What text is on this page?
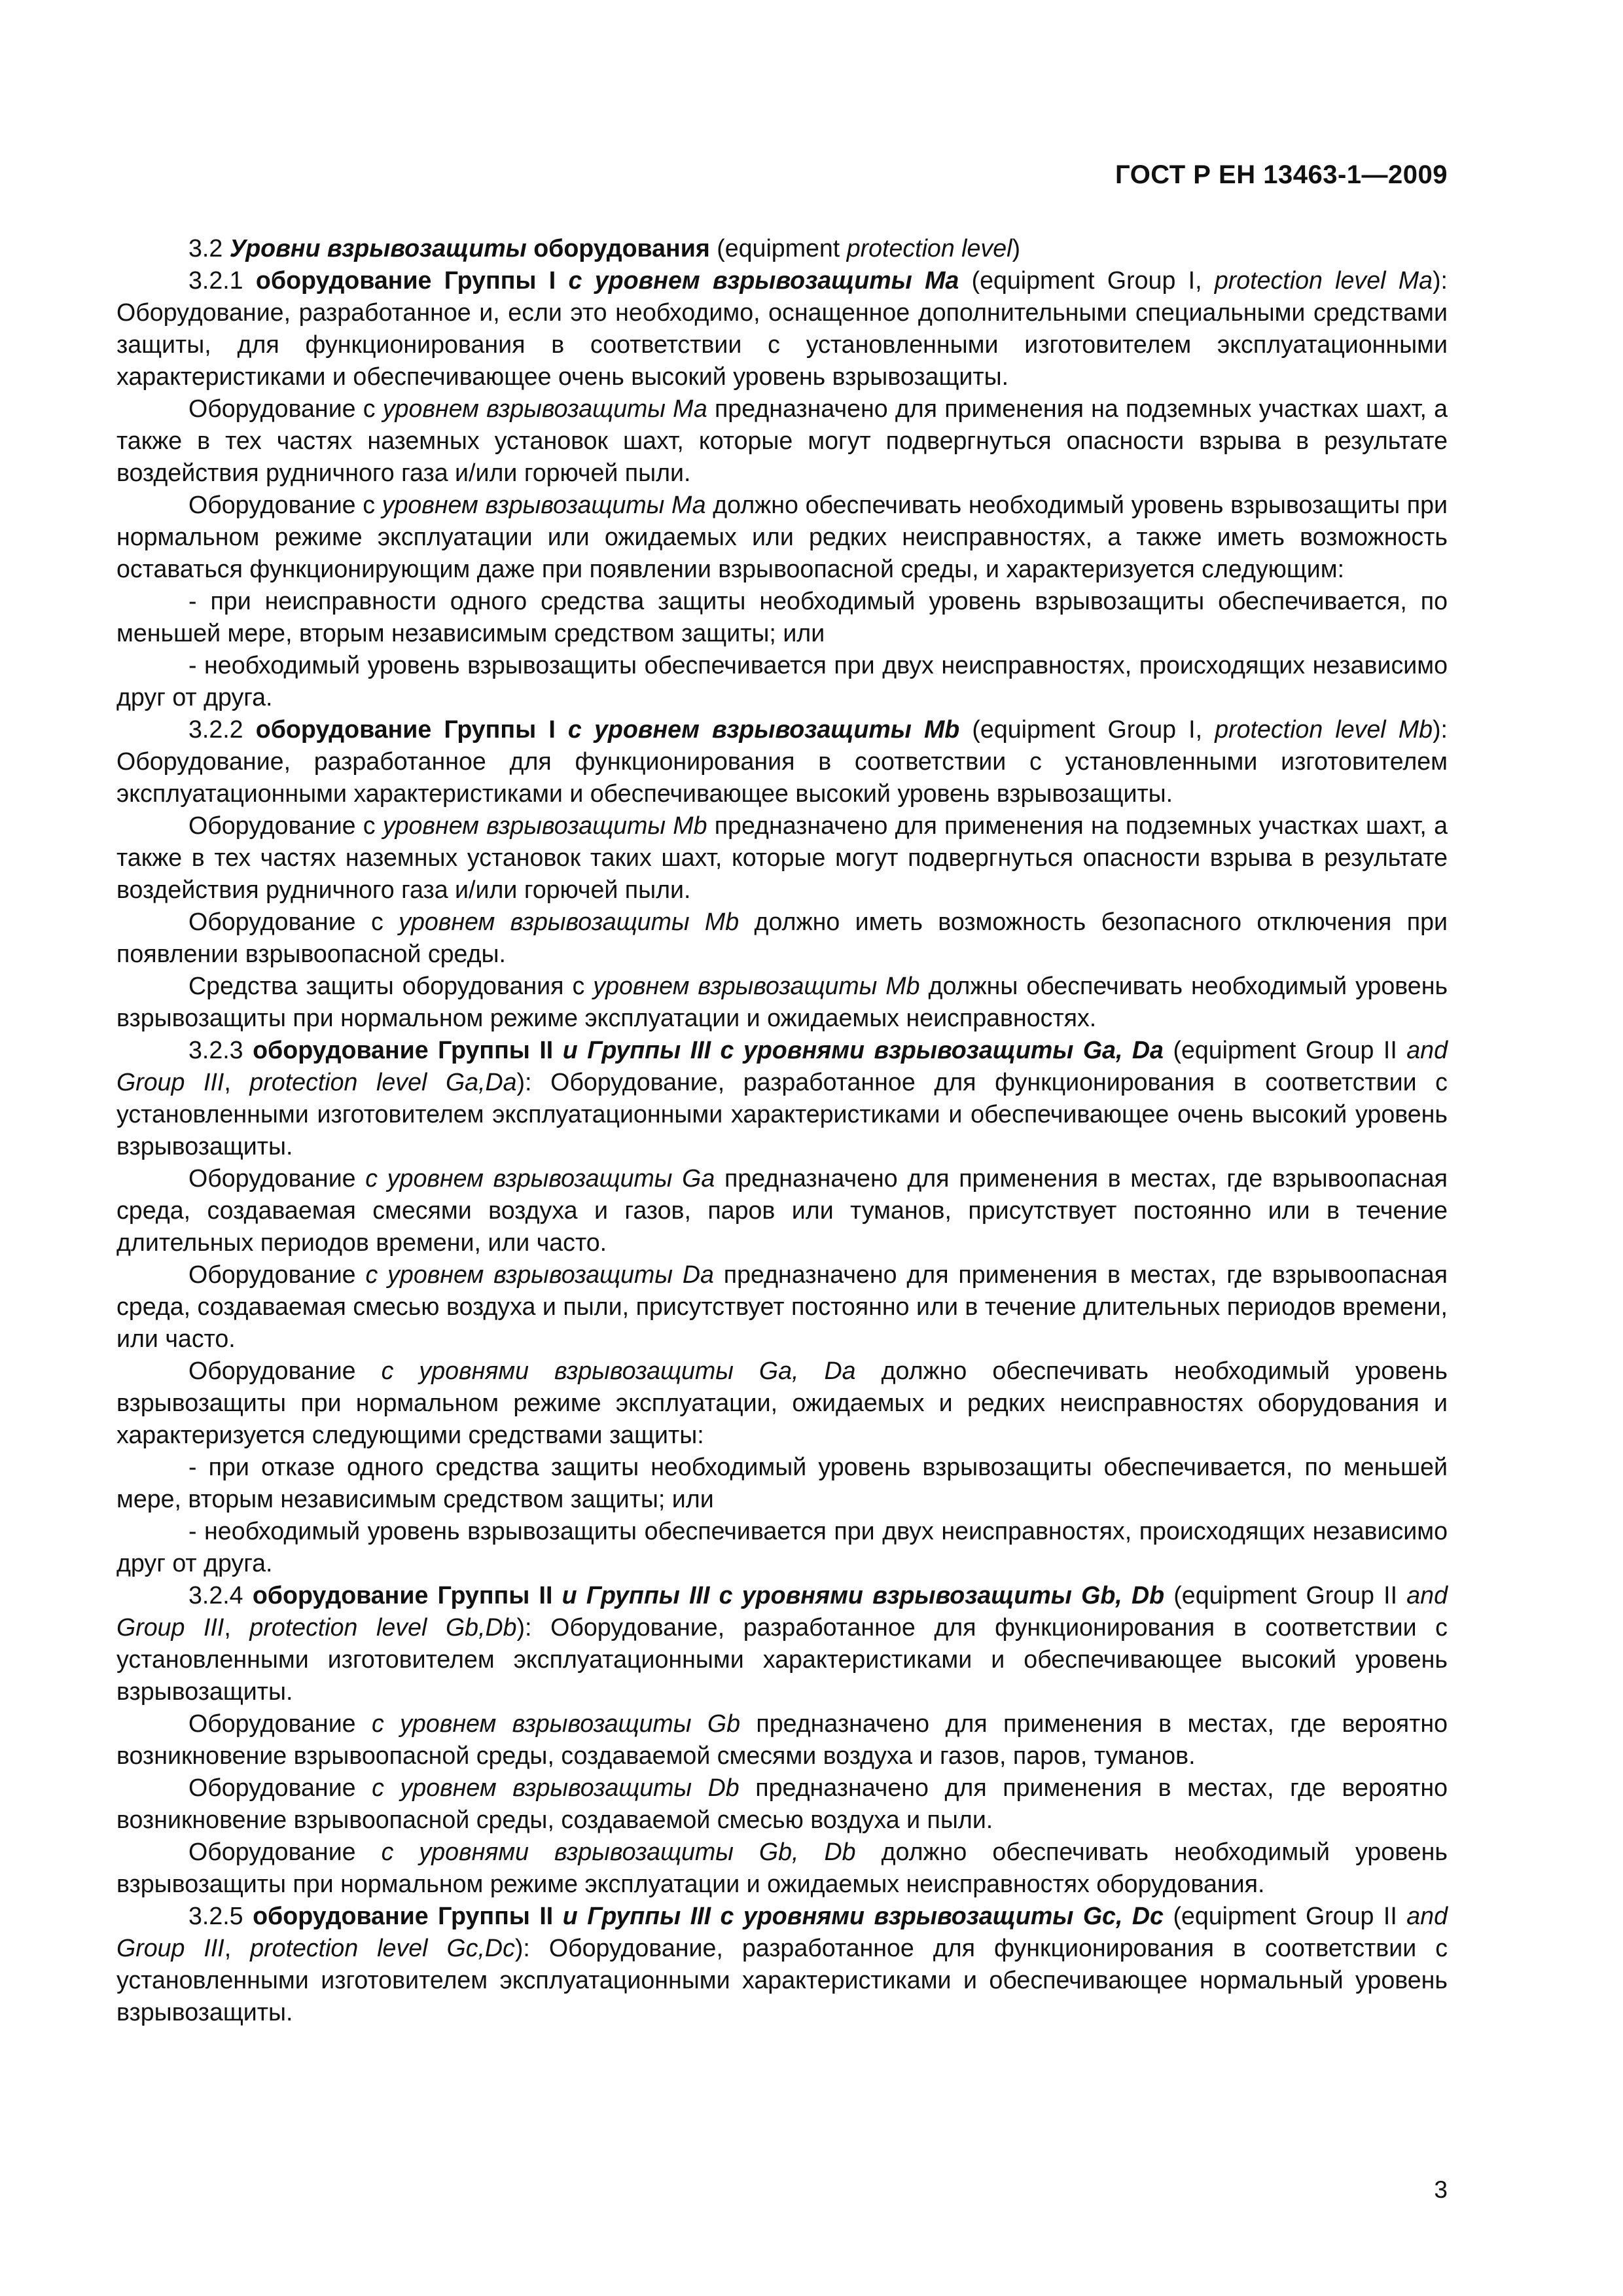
ГОСТ Р ЕН 13463-1—2009

3.2 Уровни взрывозащиты оборудования (equipment protection level)

3.2.1 оборудование Группы I с уровнем взрывозащиты Ma (equipment Group I, protection level Ma): Оборудование, разработанное и, если это необходимо, оснащенное дополнительными специальными средствами защиты, для функционирования в соответствии с установленными изготовителем эксплуатационными характеристиками и обеспечивающее очень высокий уровень взрывозащиты.

Оборудование с уровнем взрывозащиты Ма предназначено для применения на подземных участках шахт, а также в тех частях наземных установок шахт, которые могут подвергнуться опасности взрыва в результате воздействия рудничного газа и/или горючей пыли.

Оборудование с уровнем взрывозащиты Ма должно обеспечивать необходимый уровень взрывозащиты при нормальном режиме эксплуатации или ожидаемых или редких неисправностях, а также иметь возможность оставаться функционирующим даже при появлении взрывоопасной среды, и характеризуется следующим:

- при неисправности одного средства защиты необходимый уровень взрывозащиты обеспечивается, по меньшей мере, вторым независимым средством защиты; или

- необходимый уровень взрывозащиты обеспечивается при двух неисправностях, происходящих независимо друг от друга.

3.2.2 оборудование Группы I с уровнем взрывозащиты Mb (equipment Group I, protection level Mb): Оборудование, разработанное для функционирования в соответствии с установленными изготовителем эксплуатационными характеристиками и обеспечивающее высокий уровень взрывозащиты.

Оборудование с уровнем взрывозащиты Mb предназначено для применения на подземных участках шахт, а также в тех частях наземных установок таких шахт, которые могут подвергнуться опасности взрыва в результате воздействия рудничного газа и/или горючей пыли.

Оборудование с уровнем взрывозащиты Mb должно иметь возможность безопасного отключения при появлении взрывоопасной среды.

Средства защиты оборудования с уровнем взрывозащиты Mb должны обеспечивать необходимый уровень взрывозащиты при нормальном режиме эксплуатации и ожидаемых неисправностях.

3.2.3 оборудование Группы II и Группы III с уровнями взрывозащиты Ga, Da (equipment Group II and Group III, protection level Ga,Da): Оборудование, разработанное для функционирования в соответствии с установленными изготовителем эксплуатационными характеристиками и обеспечивающее очень высокий уровень взрывозащиты.

Оборудование с уровнем взрывозащиты Ga предназначено для применения в местах, где взрывоопасная среда, создаваемая смесями воздуха и газов, паров или туманов, присутствует постоянно или в течение длительных периодов времени, или часто.

Оборудование с уровнем взрывозащиты Da предназначено для применения в местах, где взрывоопасная среда, создаваемая смесью воздуха и пыли, присутствует постоянно или в течение длительных периодов времени, или часто.

Оборудование с уровнями взрывозащиты Ga, Da должно обеспечивать необходимый уровень взрывозащиты при нормальном режиме эксплуатации, ожидаемых и редких неисправностях оборудования и характеризуется следующими средствами защиты:

- при отказе одного средства защиты необходимый уровень взрывозащиты обеспечивается, по меньшей мере, вторым независимым средством защиты; или

- необходимый уровень взрывозащиты обеспечивается при двух неисправностях, происходящих независимо друг от друга.

3.2.4 оборудование Группы II и Группы III с уровнями взрывозащиты Gb, Db (equipment Group II and Group III, protection level Gb,Db): Оборудование, разработанное для функционирования в соответствии с установленными изготовителем эксплуатационными характеристиками и обеспечивающее высокий уровень взрывозащиты.

Оборудование с уровнем взрывозащиты Gb предназначено для применения в местах, где вероятно возникновение взрывоопасной среды, создаваемой смесями воздуха и газов, паров, туманов.

Оборудование с уровнем взрывозащиты Db предназначено для применения в местах, где вероятно возникновение взрывоопасной среды, создаваемой смесью воздуха и пыли.

Оборудование с уровнями взрывозащиты Gb, Db должно обеспечивать необходимый уровень взрывозащиты при нормальном режиме эксплуатации и ожидаемых неисправностях оборудования.

3.2.5 оборудование Группы II и Группы III с уровнями взрывозащиты Gc, Dc (equipment Group II and Group III, protection level Gc,Dc): Оборудование, разработанное для функционирования в соответствии с установленными изготовителем эксплуатационными характеристиками и обеспечивающее нормальный уровень взрывозащиты.

3
